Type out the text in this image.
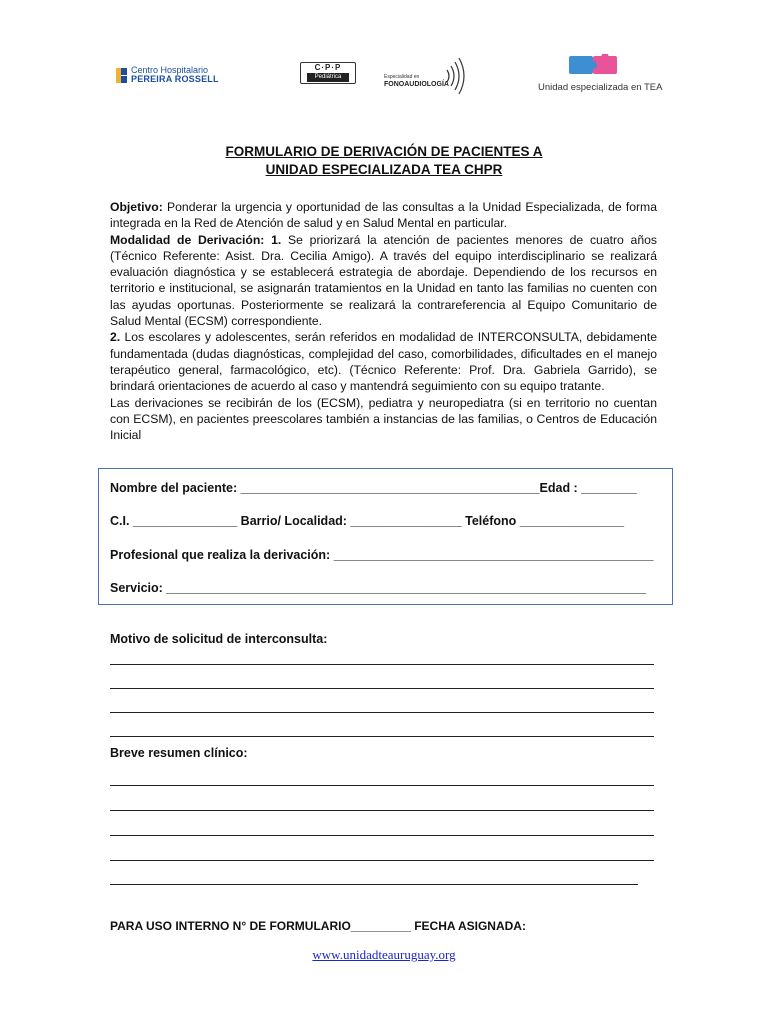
Centro Hospitalario
PEREIRA ROSSELL
C·P·P
Pediátrica	Especialidad en
FONOAUDIOLOGÍA	Unidad especializada en TEA
FORMULARIO DE DERIVACIÓN DE PACIENTES A
UNIDAD ESPECIALIZADA TEA CHPR

Objetivo: Ponderar la urgencia y oportunidad de las consultas a la Unidad Especializada, de forma integrada en la Red de Atención de salud y en Salud Mental en particular.
Modalidad de Derivación: 1. Se priorizará la atención de pacientes menores de cuatro años (Técnico Referente: Asist. Dra. Cecilia Amigo). A través del equipo interdisciplinario se realizará evaluación diagnóstica y se establecerá estrategia de abordaje. Dependiendo de los recursos en territorio e institucional, se asignarán tratamientos en la Unidad en tanto las familias no cuenten con las ayudas oportunas. Posteriormente se realizará la contrareferencia al Equipo Comunitario de Salud Mental (ECSM) correspondiente.
2. Los escolares y adolescentes, serán referidos en modalidad de INTERCONSULTA, debidamente fundamentada (dudas diagnósticas, complejidad del caso, comorbilidades, dificultades en el manejo terapéutico general, farmacológico, etc). (Técnico Referente: Prof. Dra. Gabriela Garrido), se brindará orientaciones de acuerdo al caso y mantendrá seguimiento con su equipo tratante.
Las derivaciones se recibirán de los (ECSM), pediatra y neuropediatra (si en territorio no cuentan con ECSM), en pacientes preescolares también a instancias de las familias, o Centros de Educación Inicial

Nombre del paciente: ___________________________________________Edad : ________
C.I. _______________ Barrio/ Localidad: ________________ Teléfono _______________
Profesional que realiza la derivación: ______________________________________________
Servicio: _____________________________________________________________________
Motivo de solicitud de interconsulta:
Breve resumen clínico:
PARA USO INTERNO N° DE FORMULARIO_________ FECHA ASIGNADA:
www.unidadteauruguay.org
